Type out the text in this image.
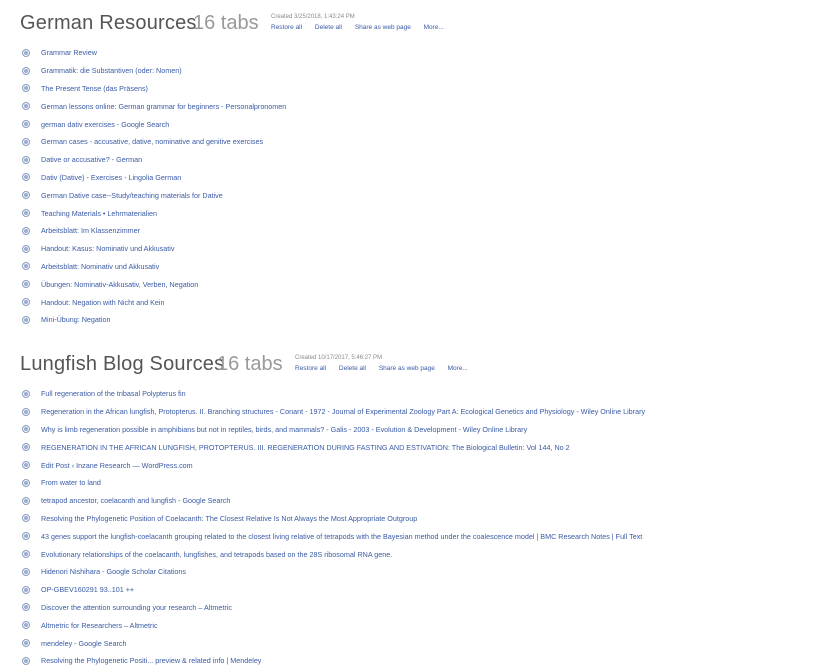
German Resources
16 tabs Created 3/25/2018, 1:43:24 PM
Restore all Delete all Share as web page More...
Grammar Review
Grammatik: die Substantiven (oder: Nomen)
The Present Tense (das Präsens)
German lessons online: German grammar for beginners - Personalpronomen
german dativ exercises - Google Search
German cases - accusative, dative, nominative and genitive exercises
Dative or accusative? - German
Dativ (Dative) - Exercises - Lingolia German
German Dative case--Study/teaching materials for Dative
Teaching Materials • Lehrmaterialien
Arbeitsblatt: Im Klassenzimmer
Handout: Kasus: Nominativ und Akkusativ
Arbeitsblatt: Nominativ und Akkusativ
Übungen: Nominativ-Akkusativ, Verben, Negation
Handout: Negation with Nicht and Kein
Mini-Übung: Negation
Lungfish Blog Sources
16 tabs Created 10/17/2017, 5:46:27 PM
Restore all Delete all Share as web page More...
Full regeneration of the tribasal Polypterus fin
Regeneration in the African lungfish, Protopterus. II. Branching structures - Conant - 1972 - Journal of Experimental Zoology Part A: Ecological Genetics and Physiology - Wiley Online Library
Why is limb regeneration possible in amphibians but not in reptiles, birds, and mammals? - Galis - 2003 - Evolution & Development - Wiley Online Library
REGENERATION IN THE AFRICAN LUNGFISH, PROTOPTERUS. III. REGENERATION DURING FASTING AND ESTIVATION: The Biological Bulletin: Vol 144, No 2
Edit Post ‹ Inzane Research — WordPress.com
From water to land
tetrapod ancestor, coelacanth and lungfish - Google Search
Resolving the Phylogenetic Position of Coelacanth: The Closest Relative Is Not Always the Most Appropriate Outgroup
43 genes support the lungfish-coelacanth grouping related to the closest living relative of tetrapods with the Bayesian method under the coalescence model | BMC Research Notes | Full Text
Evolutionary relationships of the coelacanth, lungfishes, and tetrapods based on the 28S ribosomal RNA gene.
Hidenori Nishihara - Google Scholar Citations
OP-GBEV160291 93..101 ++
Discover the attention surrounding your research – Altmetric
Altmetric for Researchers – Altmetric
mendeley - Google Search
Resolving the Phylogenetic Positi... preview & related info | Mendeley
